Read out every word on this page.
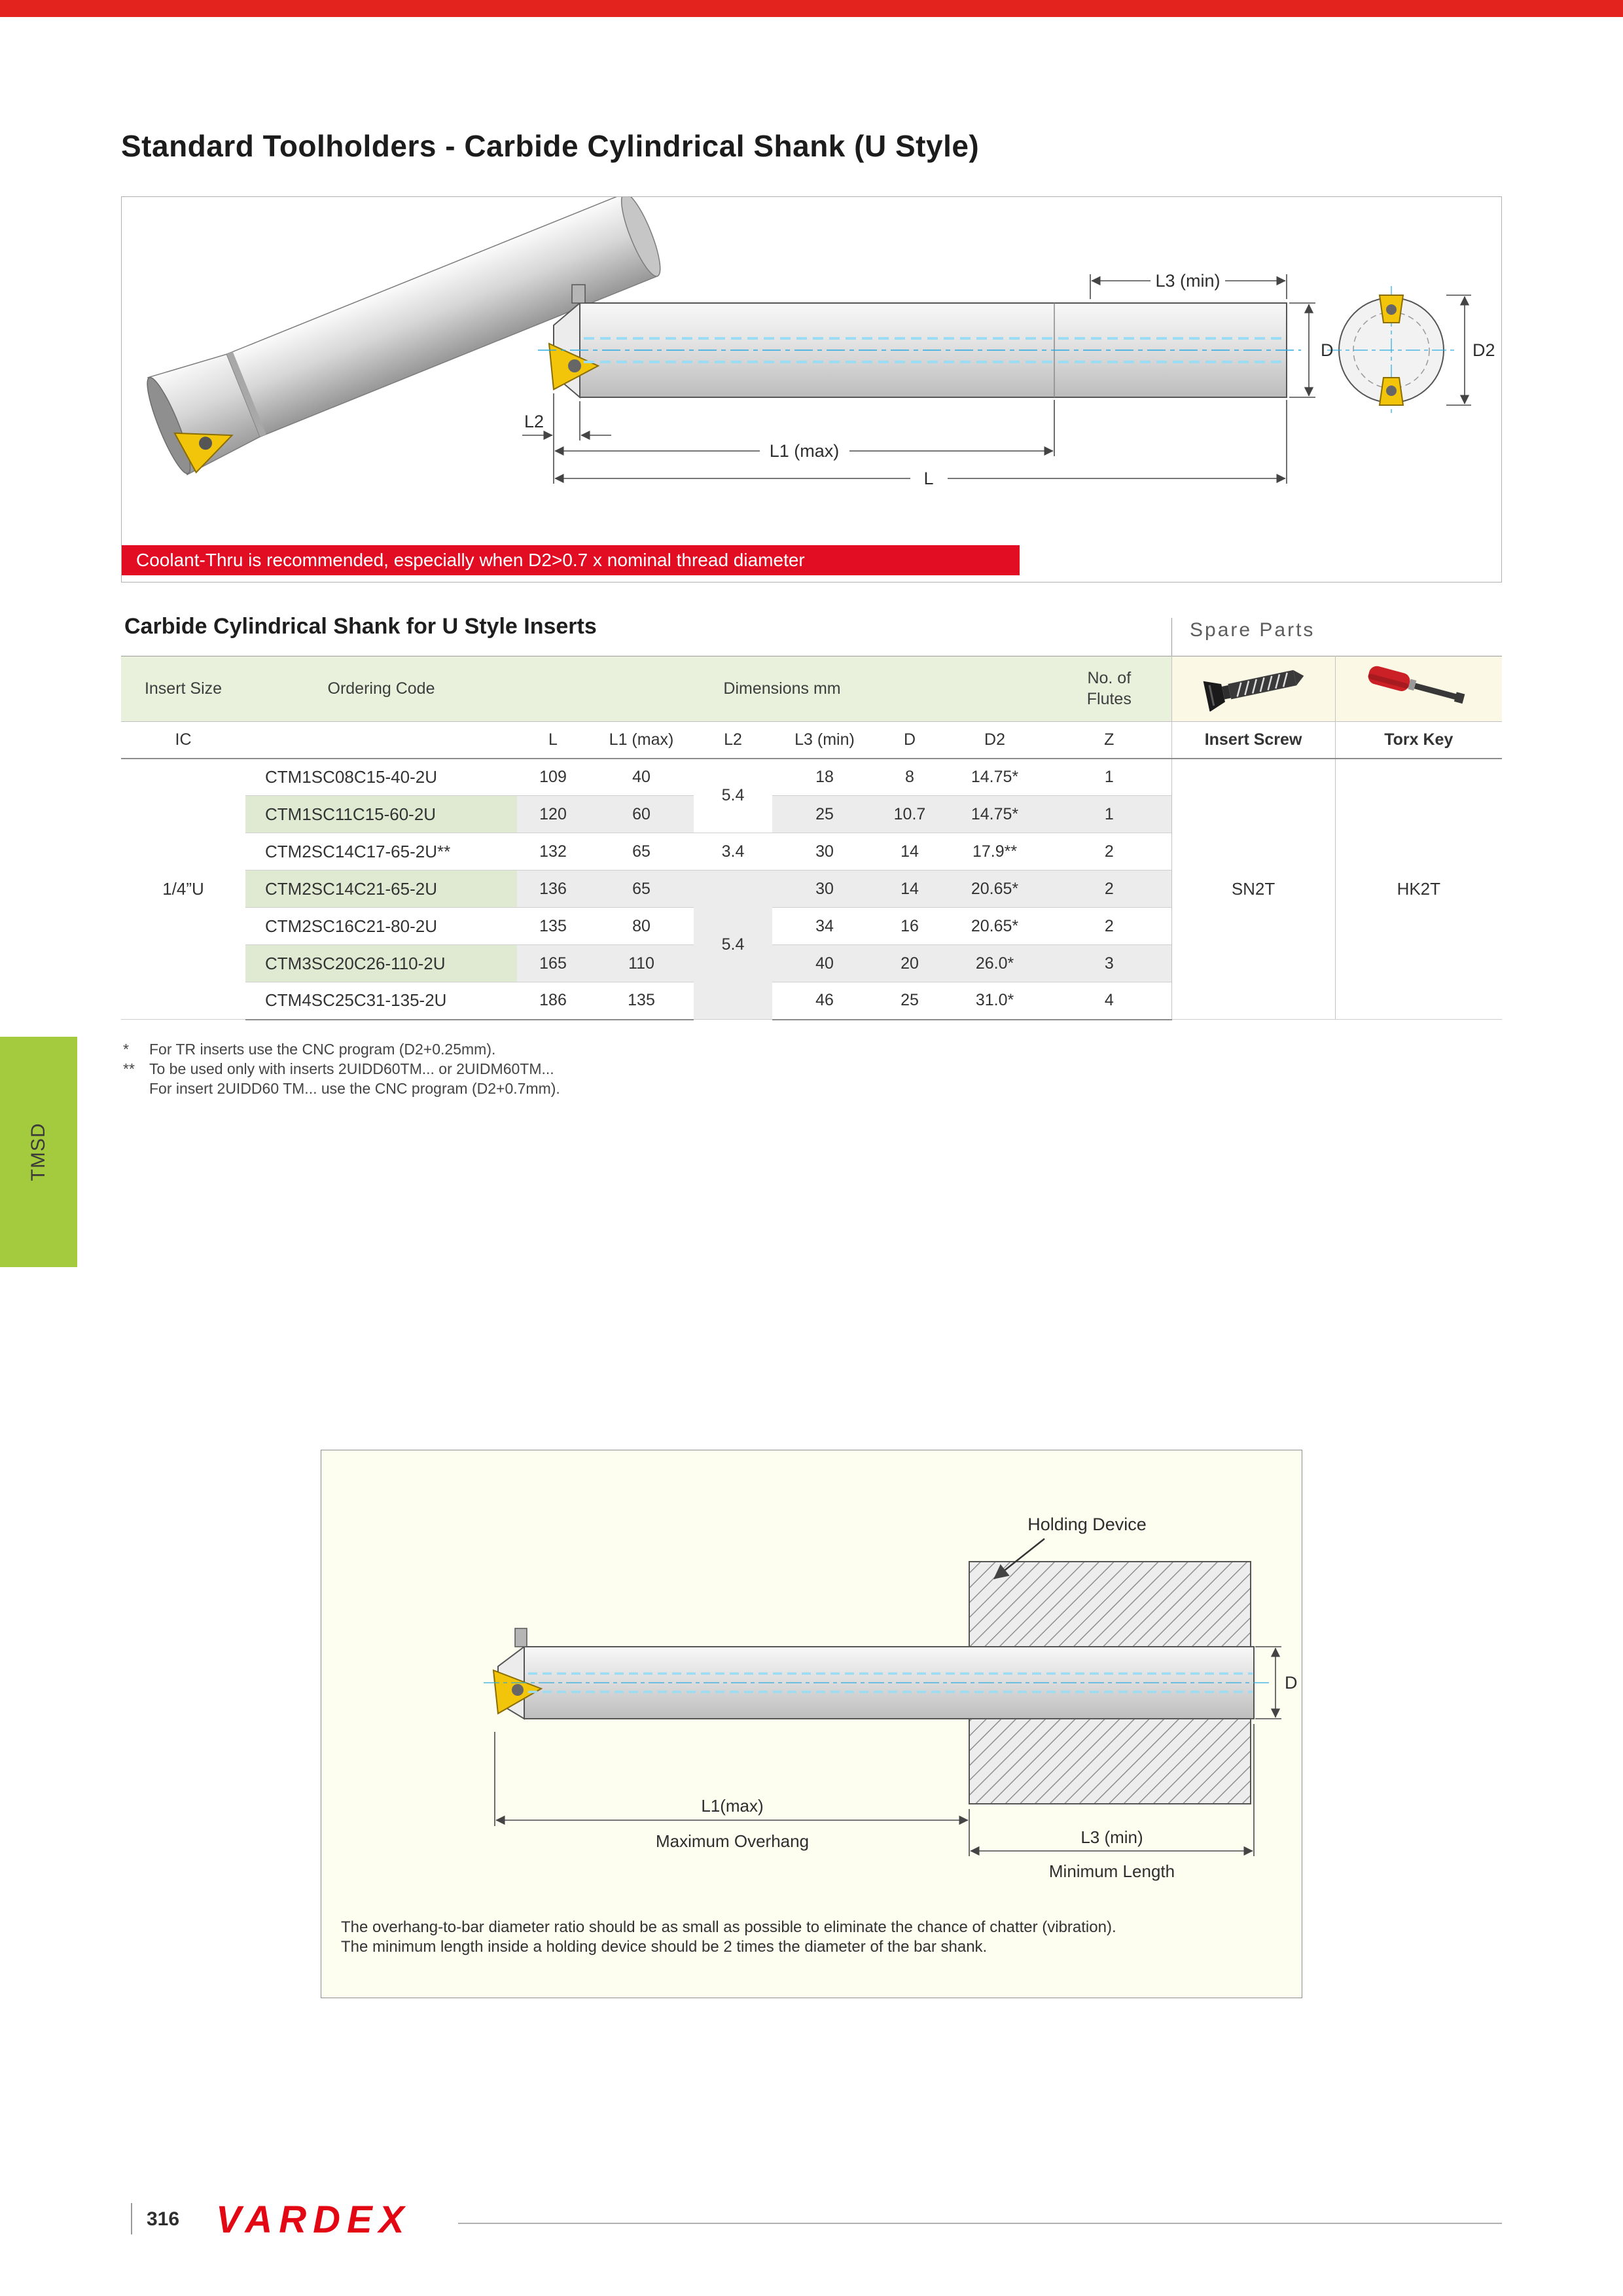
Standard Toolholders - Carbide Cylindrical Shank (U Style)
L3 (min)
D	D2
L2
L1 (max)
L
Coolant-Thru is recommended, especially when D2>0.7 x nominal thread diameter
Carbide Cylindrical Shank for U Style Inserts	Spare Parts
Insert Size	Ordering Code	Dimensions mm						No. of Flutes

IC		L	L1 (max)	L2	L3 (min)	D	D2	Z	Insert Screw	Torx Key
1/4”U	CTM1SC08C15-40-2U	109	40	5.4	18	8	14.75*	1	SN2T	HK2T
	CTM1SC11C15-60-2U	120	60		25	10.7	14.75*	1		
	CTM2SC14C17-65-2U**	132	65	3.4	30	14	17.9**	2		
	CTM2SC14C21-65-2U	136	65	5.4	30	14	20.65*	2		
	CTM2SC16C21-80-2U	135	80		34	16	20.65*	2		
	CTM3SC20C26-110-2U	165	110		40	20	26.0*	3		
	CTM4SC25C31-135-2U	186	135		46	25	31.0*	4		
*	For TR inserts use the CNC program (D2+0.25mm).
** To be used only with inserts 2UIDD60TM... or 2UIDM60TM...
For insert 2UIDD60 TM... use the CNC program (D2+0.7mm).
TMSD
Holding Device
D
L1(max)
Maximum Overhang	L3 (min)
Minimum Length
The overhang-to-bar diameter ratio should be as small as possible to eliminate the chance of chatter (vibration).
The minimum length inside a holding device should be 2 times the diameter of the bar shank.
316 VARDEX
